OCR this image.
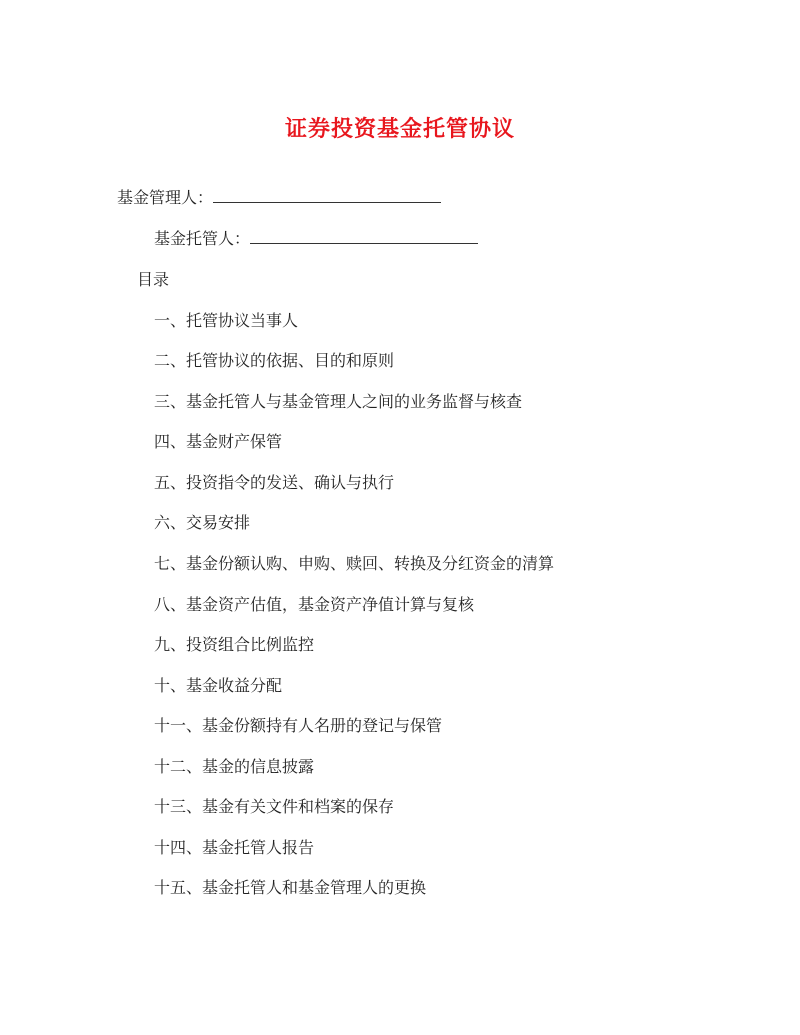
证券投资基金托管协议
基金管理人：
基金托管人：
目录
一、托管协议当事人
二、托管协议的依据、目的和原则
三、基金托管人与基金管理人之间的业务监督与核查
四、基金财产保管
五、投资指令的发送、确认与执行
六、交易安排
七、基金份额认购、申购、赎回、转换及分红资金的清算
八、基金资产估值，基金资产净值计算与复核
九、投资组合比例监控
十、基金收益分配
十一、基金份额持有人名册的登记与保管
十二、基金的信息披露
十三、基金有关文件和档案的保存
十四、基金托管人报告
十五、基金托管人和基金管理人的更换
